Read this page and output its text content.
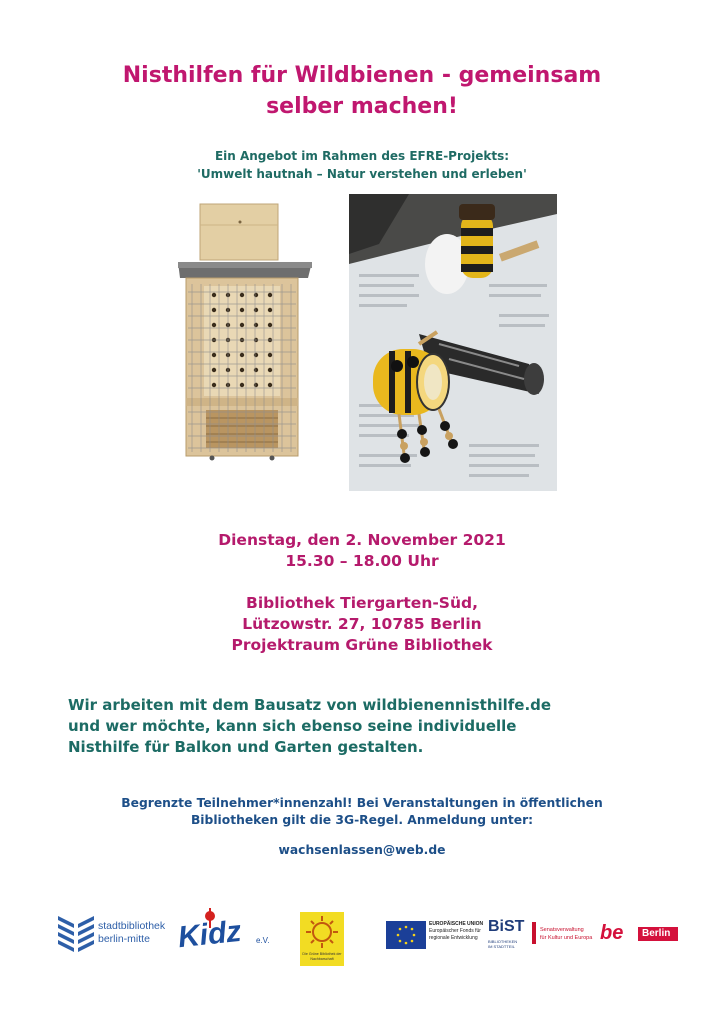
Nisthilfen für Wildbienen - gemeinsam
selber machen!
Ein Angebot im Rahmen des EFRE-Projekts:
'Umwelt hautnah – Natur verstehen und erleben'
Dienstag, den 2. November 2021
15.30 – 18.00 Uhr
Bibliothek Tiergarten-Süd,
Lützowstr. 27, 10785 Berlin
Projektraum Grüne Bibliothek
Wir arbeiten mit dem Bausatz von wildbienennisthilfe.de
und wer möchte, kann sich ebenso seine individuelle
Nisthilfe für Balkon und Garten gestalten.
Begrenzte Teilnehmer*innenzahl! Bei Veranstaltungen in öffentlichen
Bibliotheken gilt die 3G-Regel. Anmeldung unter:
wachsenlassen@web.de
stadtbibliothek
berlin-mitte Kidz e.V.
Die Grüne Bibliothek der Nachbarschaft
EUROPÄISCHE UNION
Europäischer Fonds für
regionale Entwicklung
BiST
BIBLIOTHEKEN
IM STADTTEIL
Senatsverwaltung
für Kultur und Europa be Berlin
